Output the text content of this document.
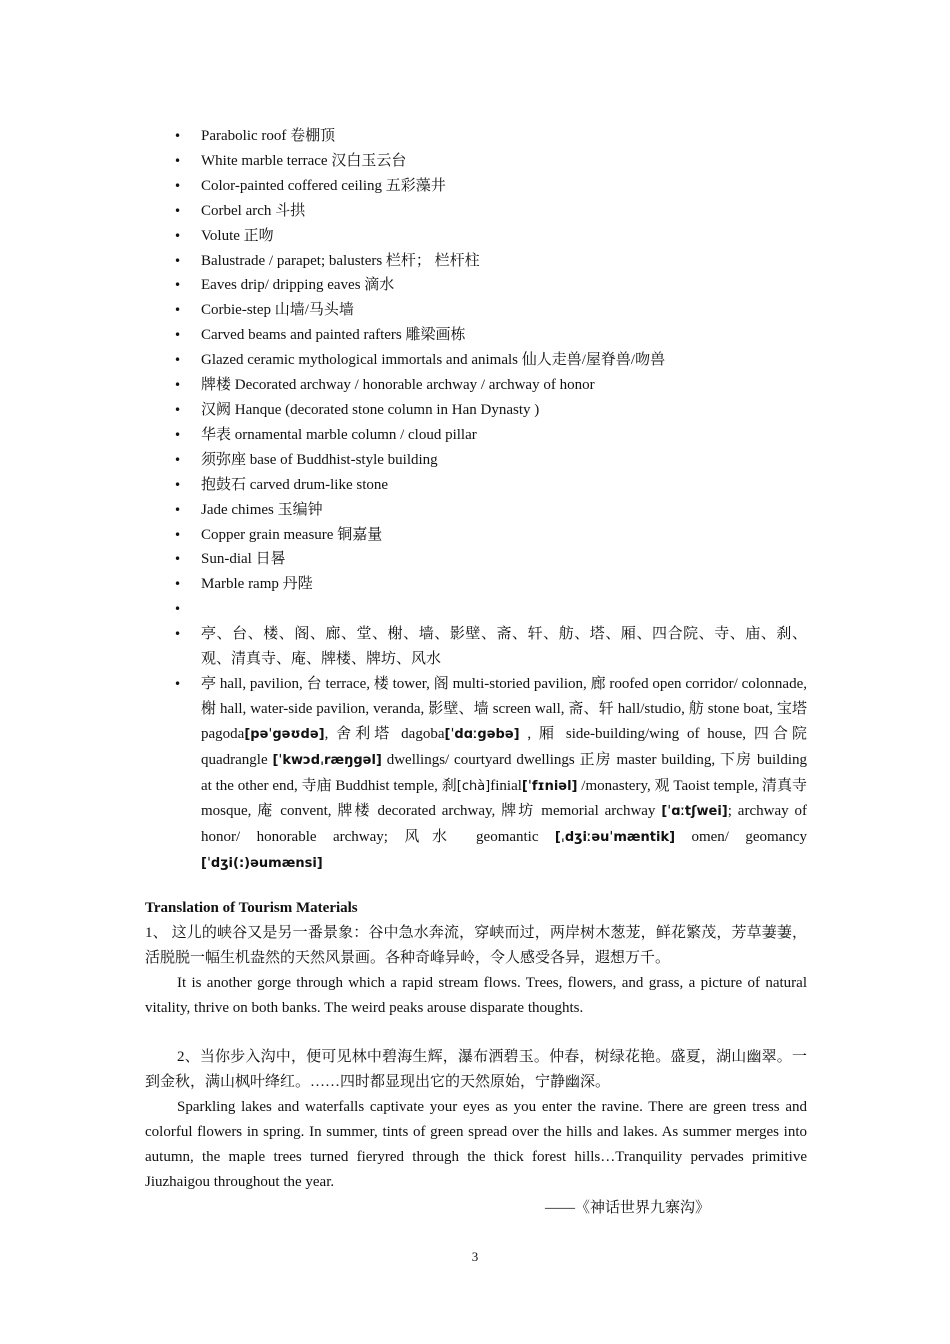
• Parabolic roof 卷棚顶
• White marble terrace 汉白玉云台
• Color-painted coffered ceiling 五彩藻井
• Corbel arch 斗拱
• Volute 正吻
• Balustrade / parapet; balusters 栏杆； 栏杆柱
• Eaves drip/ dripping eaves 滴水
• Corbie-step 山墙/马头墙
• Carved beams and painted rafters 雕梁画栋
• Glazed ceramic mythological immortals and animals 仙人走兽/屋脊兽/吻兽
• 牌楼 Decorated archway / honorable archway / archway of honor
• 汉阙 Hanque (decorated stone column in Han Dynasty )
• 华表 ornamental marble column / cloud pillar
• 须弥座 base of Buddhist-style building
• 抱鼓石 carved drum-like stone
• Jade chimes 玉编钟
• Copper grain measure 铜嘉量
• Sun-dial 日晷
• Marble ramp 丹陛
•
• 亭、台、楼、阁、廊、堂、榭、墙、影壁、斋、轩、舫、塔、厢、四合院、寺、庙、刹、观、清真寺、庵、牌楼、牌坊、风水
• 亭 hall, pavilion, 台 terrace, 楼 tower, 阁 multi-storied pavilion, 廊 roofed open corridor/ colonnade, 榭 hall, water-side pavilion, veranda, 影壁、墙 screen wall, 斋、轩 hall/studio, 舫 stone boat, 宝塔 pagoda[pəˈgəʊdə], 舍利塔 dagoba[ˈdɑːgəbə] , 厢 side-building/wing of house, 四合院 quadrangle [ˈkwɔdˌræŋgəl] dwellings/ courtyard dwellings 正房 master building, 下房 building at the other end, 寺庙 Buddhist temple, 刹[chà]finial[ˈfɪniəl] /monastery, 观 Taoist temple, 清真寺 mosque, 庵 convent, 牌楼 decorated archway, 牌坊 memorial archway [ˈɑːtʃwei]; archway of honor/ honorable archway; 风水 geomantic [ˌdʒiːəuˈmæntik] omen/ geomancy [ˈdʒi(:)əumænsi]
Translation of Tourism Materials
1、 这儿的峡谷又是另一番景象：谷中急水奔流，穿峡而过，两岸树木葱茏，鲜花繁茂，芳草萋萋，活脱脱一幅生机盎然的天然风景画。各种奇峰异岭，令人感受各异，遐想万千。
It is another gorge through which a rapid stream flows. Trees, flowers, and grass, a picture of natural vitality, thrive on both banks. The weird peaks arouse disparate thoughts.
2、当你步入沟中，便可见林中碧海生辉，瀑布洒碧玉。仲春，树绿花艳。盛夏，湖山幽翠。一到金秋，满山枫叶绛红。……四时都显现出它的天然原始，宁静幽深。
Sparkling lakes and waterfalls captivate your eyes as you enter the ravine. There are green tress and colorful flowers in spring. In summer, tints of green spread over the hills and lakes. As summer merges into autumn, the maple trees turned fieryred through the thick forest hills…Tranquility pervades primitive Jiuzhaigou throughout the year.
——《神话世界九寨沟》
3
